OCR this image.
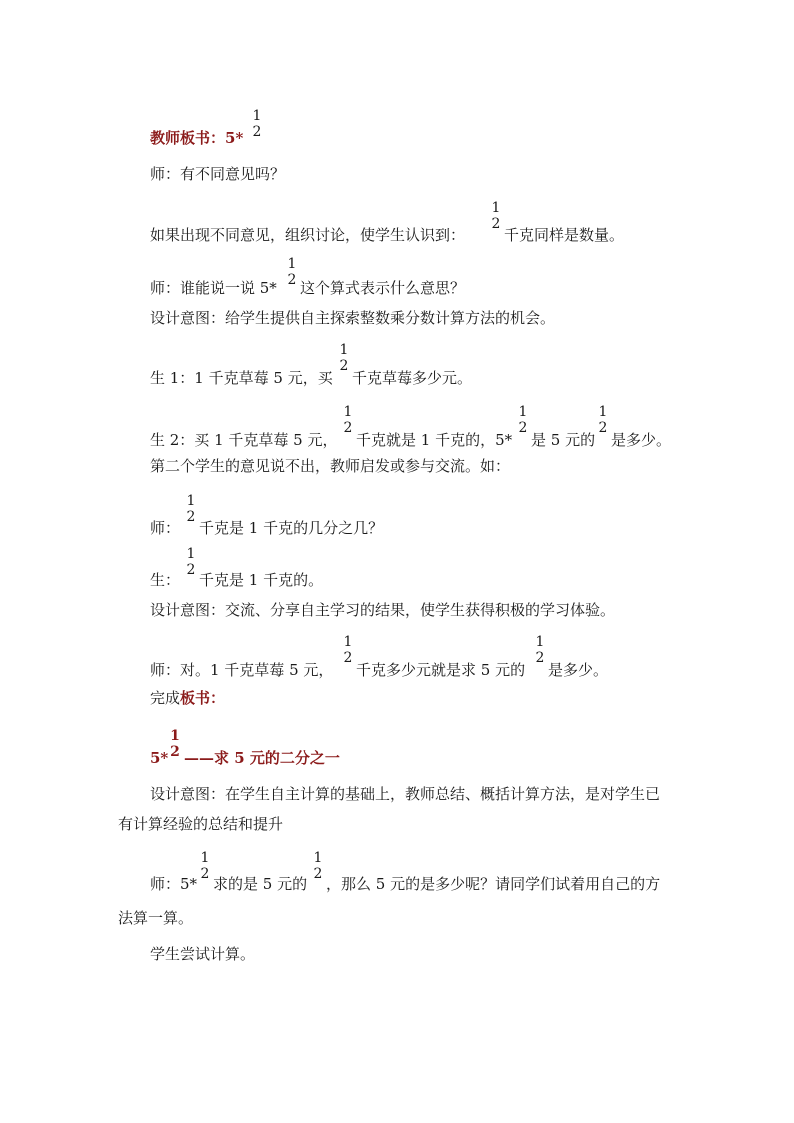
教师板书：5*
1
2
师：有不同意见吗？
如果出现不同意见，组织讨论，使学生认识到：
1
2
千克同样是数量。
师：谁能说一说 5*
1
2 这个算式表示什么意思？
设计意图：给学生提供自主探索整数乘分数计算方法的机会。
生 1：1 千克草莓 5 元，买
1
2
千克草莓多少元。
生 2：买 1 千克草莓 5 元，
1
2
千克就是 1 千克的，5*
1
2
是 5 元的
1
2
是多少。
第二个学生的意见说不出，教师启发或参与交流。如：
师：
1
2
千克是 1 千克的几分之几？
生：
1
2
千克是 1 千克的。
设计意图：交流、分享自主学习的结果，使学生获得积极的学习体验。
师：对。1 千克草莓 5 元，
1
2
千克多少元就是求 5 元的
1
2
是多少。
完成 板书：
5*
1
2 ——求 5 元的二分之一
设计意图：在学生自主计算的基础上，教师总结、概括计算方法，是对学生已
有计算经验的总结和提升
师：5*
1
2
求的是 5 元的
1
2
，那么 5 元的是多少呢？请同学们试着用自己的方
法算一算。
学生尝试计算。
